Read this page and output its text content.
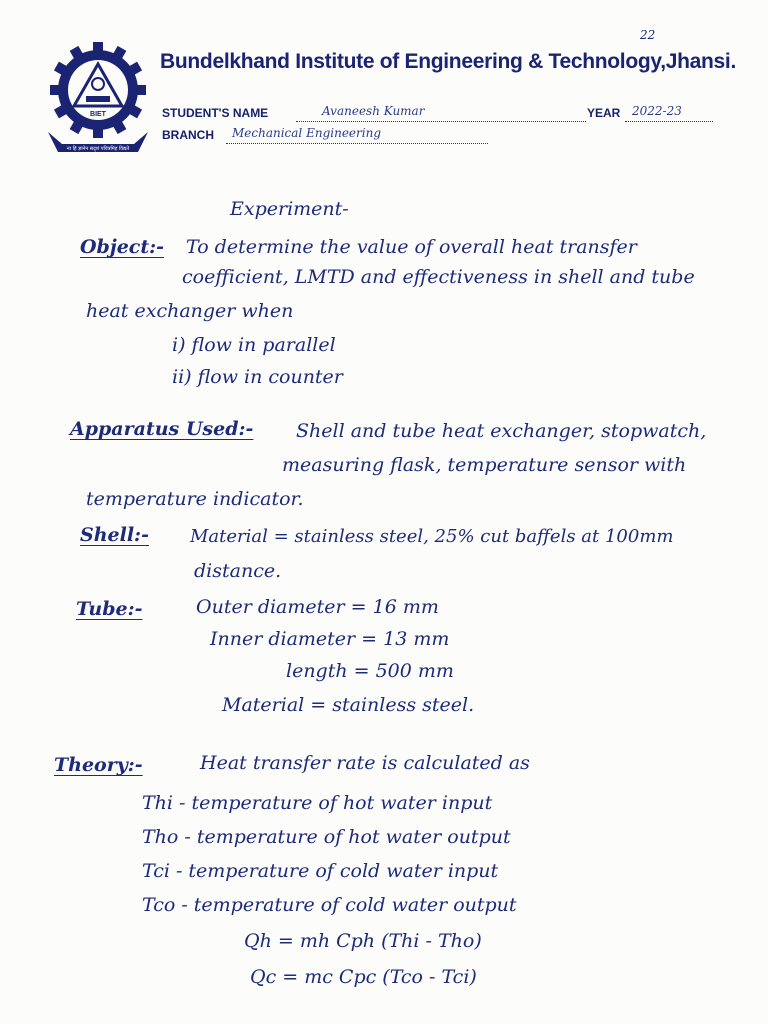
22
BIET
ना हि ज्ञानेन सदृशं पवित्रमिह विद्यते
Bundelkhand Institute of Engineering & Technology,Jhansi.
STUDENT'S NAME	Avaneesh Kumar	YEAR 2022-23
BRANCH Mechanical Engineering
Experiment-
Object:- To determine the value of overall heat transfer
coefficient, LMTD and effectiveness in shell and tube
heat exchanger when
i) flow in parallel
ii) flow in counter
Apparatus Used:- Shell and tube heat exchanger, stopwatch,
measuring flask, temperature sensor with
temperature indicator.
Shell:- Material = stainless steel, 25% cut baffels at 100mm
distance.
Tube:-	Outer diameter = 16 mm
Inner diameter = 13 mm
length = 500 mm
Material = stainless steel.
Theory:-	Heat transfer rate is calculated as
Thi - temperature of hot water input
Tho - temperature of hot water output
Tci - temperature of cold water input
Tco - temperature of cold water output
Qh = mh Cph (Thi - Tho)
Qc = mc Cpc (Tco - Tci)
